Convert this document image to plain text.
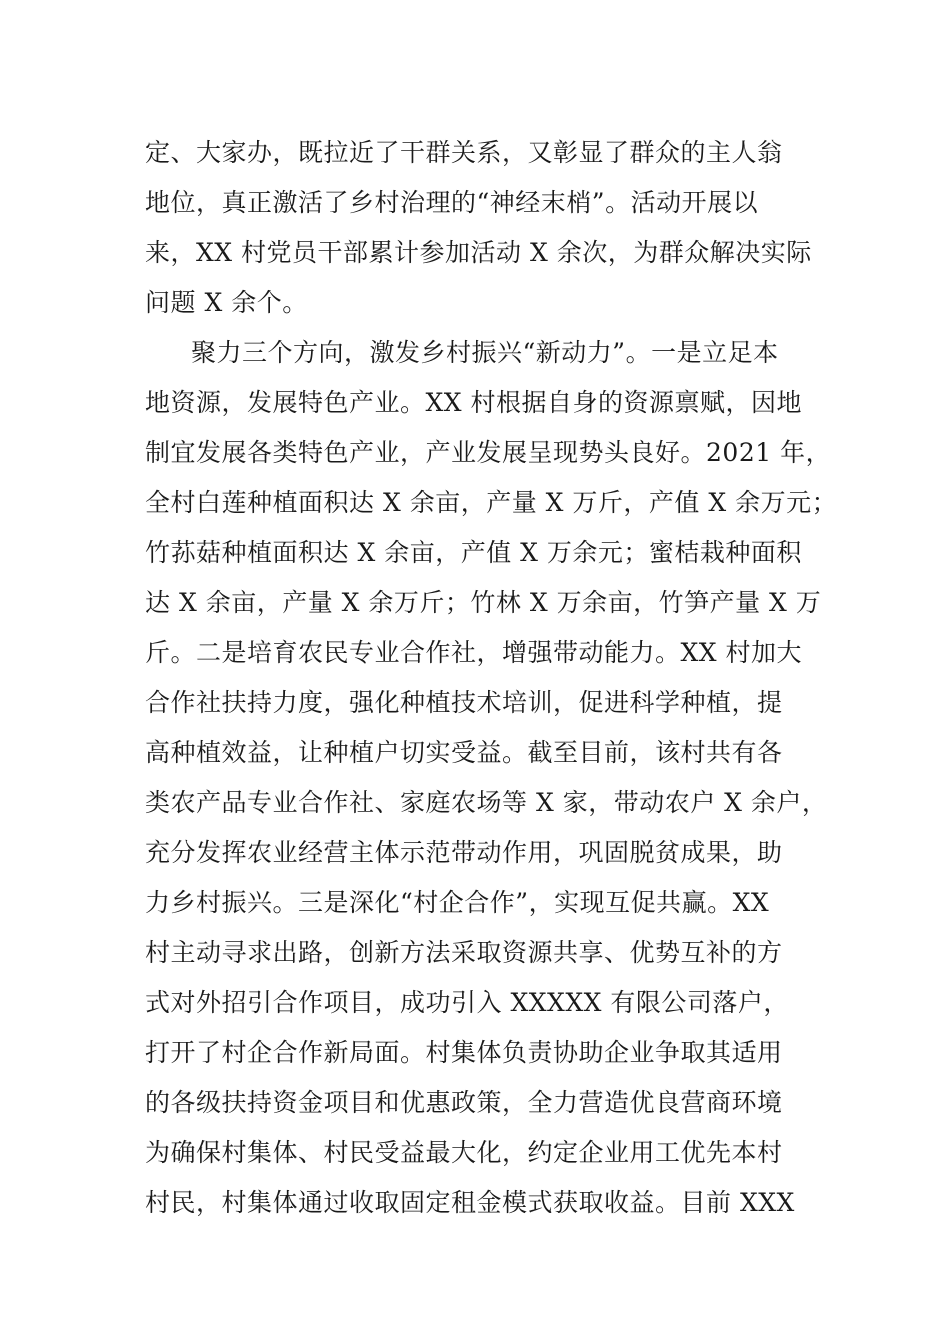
定、大家办，既拉近了干群关系，又彰显了群众的主人翁
地位，真正激活了乡村治理的“神经末梢”。活动开展以
来，XX 村党员干部累计参加活动 X 余次，为群众解决实际
问题 X 余个。
聚力三个方向，激发乡村振兴“新动力”。一是立足本
地资源，发展特色产业。XX 村根据自身的资源禀赋，因地
制宜发展各类特色产业，产业发展呈现势头良好。2021 年，
全村白莲种植面积达 X 余亩，产量 X 万斤，产值 X 余万元；
竹荪菇种植面积达 X 余亩，产值 X 万余元；蜜桔栽种面积
达 X 余亩，产量 X 余万斤；竹林 X 万余亩，竹笋产量 X 万
斤。二是培育农民专业合作社，增强带动能力。XX 村加大
合作社扶持力度，强化种植技术培训，促进科学种植，提
高种植效益，让种植户切实受益。截至目前，该村共有各
类农产品专业合作社、家庭农场等 X 家，带动农户 X 余户，
充分发挥农业经营主体示范带动作用，巩固脱贫成果，助
力乡村振兴。三是深化“村企合作”，实现互促共赢。XX
村主动寻求出路，创新方法采取资源共享、优势互补的方
式对外招引合作项目，成功引入 XXXXX 有限公司落户，
打开了村企合作新局面。村集体负责协助企业争取其适用
的各级扶持资金项目和优惠政策，全力营造优良营商环境
为确保村集体、村民受益最大化，约定企业用工优先本村
村民，村集体通过收取固定租金模式获取收益。目前 XXX
